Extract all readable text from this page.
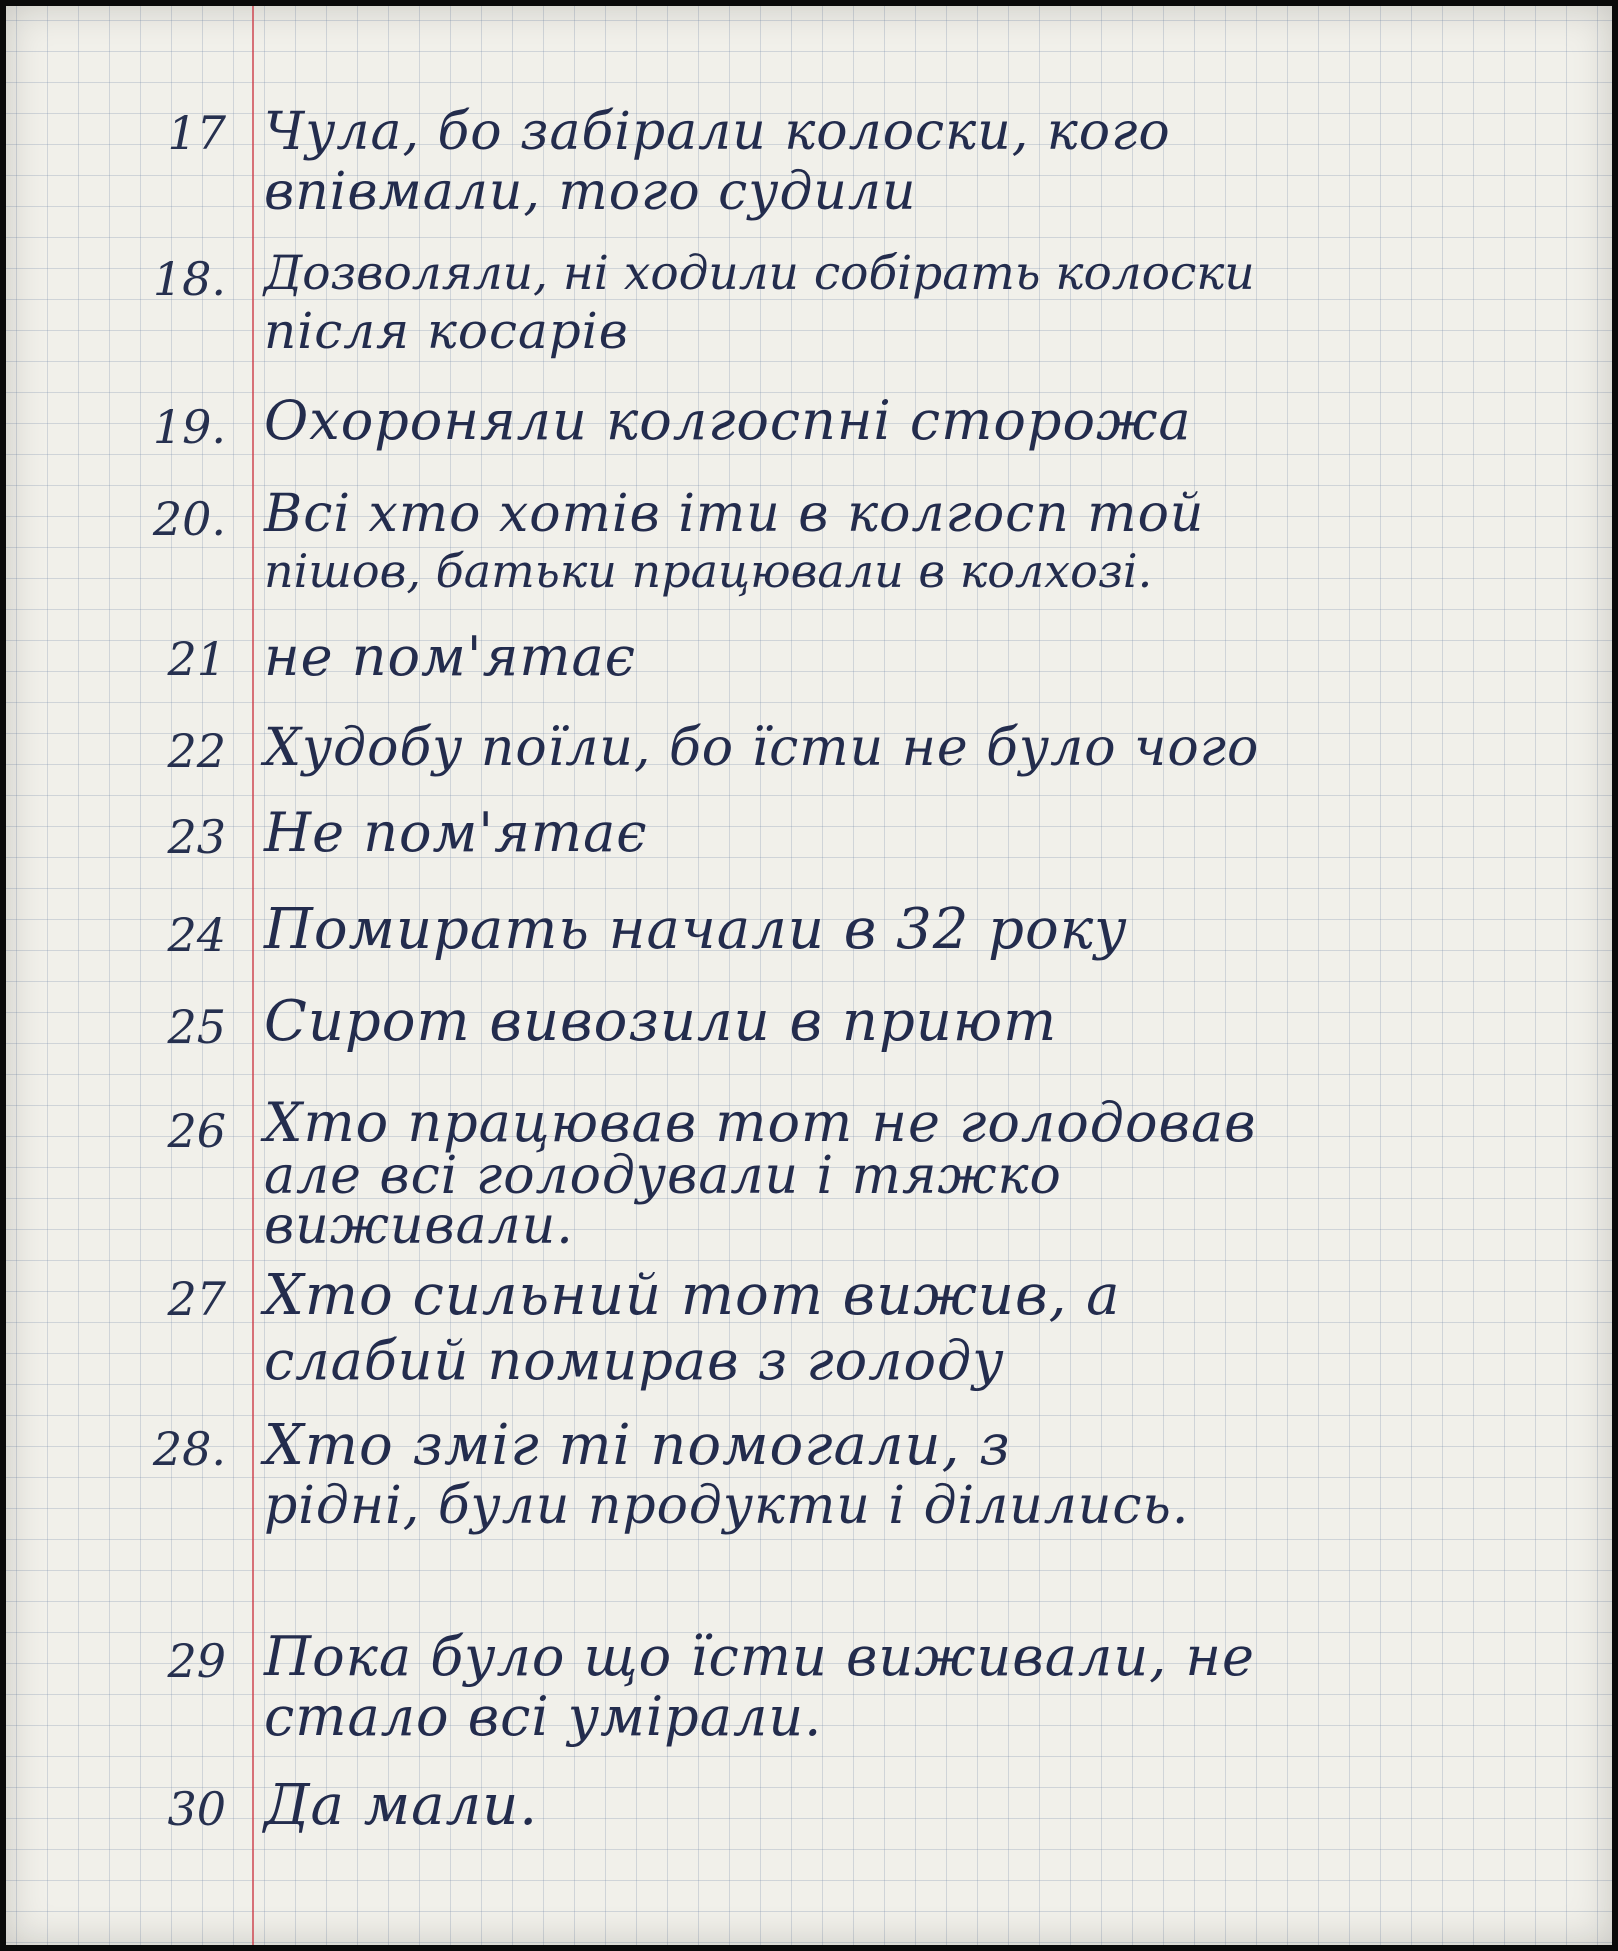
17 Чула, бо забірали колоски, кого
впівмали, того судили
18. Дозволяли, ні ходили собірать колоски
після косарів
19. Охороняли колгоспні сторожа
20. Всі хто хотів іти в колгосп той
пішов, батьки працювали в колхозі.
21 не пом'ятає
22 Худобу поїли, бо їсти не було чого
23 Не пом'ятає
24 Помирать начали в 32 року
25 Сирот вивозили в приют
26 Хто працював тот не голодовав
але всі голодували і тяжко
виживали.
27 Хто сильний тот вижив, а
слабий помирав з голоду
28. Хто зміг ті помогали, з
рідні, були продукти і ділились.
29 Пока було що їсти виживали, не
стало всі умірали.
30 Да мали.
